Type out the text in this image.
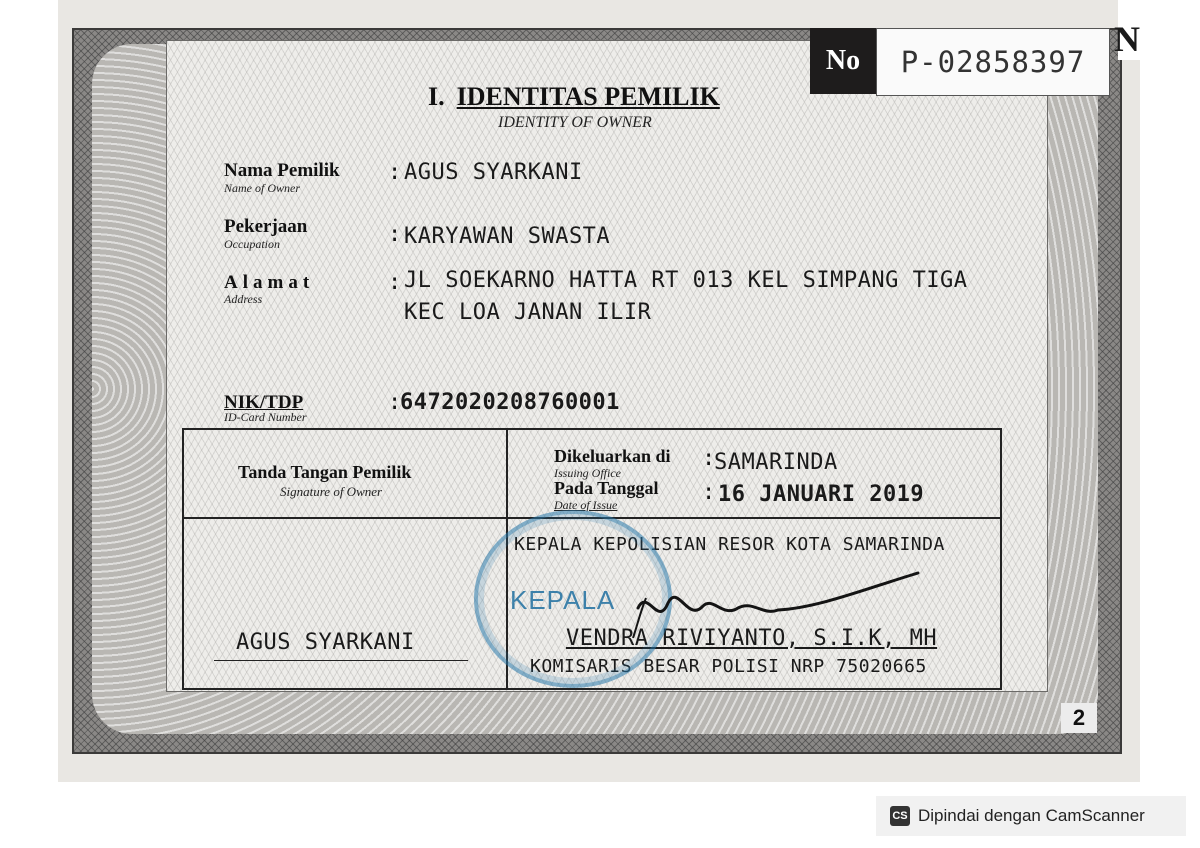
N
No	P-02858397
I. IDENTITAS PEMILIK
IDENTITY OF OWNER
Nama Pemilik
Name of Owner
: AGUS SYARKANI
Pekerjaan
Occupation	: KARYAWAN SWASTA
Alamat
Address
: JL SOEKARNO HATTA RT 013 KEL SIMPANG TIGA
KEC LOA JANAN ILIR
NIK/TDP
ID-Card Number
:
6472020208760001
Tanda Tangan Pemilik
Signature of Owner
Dikeluarkan di
Issuing Office
:
SAMARINDA
Pada Tanggal
Date of Issue	: 16 JANUARI 2019
KEPALA KEPOLISIAN RESOR KOTA SAMARINDA
AGUS SYARKANI	VENDRA RIVIYANTO, S.I.K, MH
KOMISARIS BESAR POLISI NRP 75020665
KEPALA
2
CS Dipindai dengan CamScanner
